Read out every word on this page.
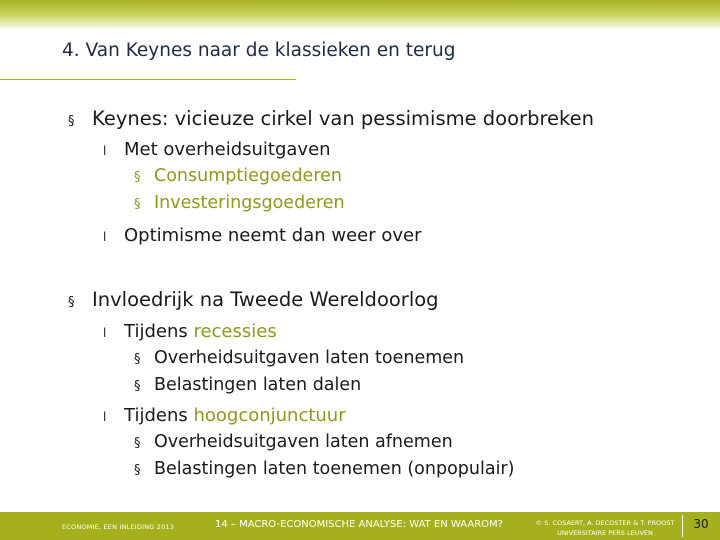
4. Van Keynes naar de klassieken en terug
§ Keynes: vicieuze cirkel van pessimisme doorbreken
l Met overheidsuitgaven
§ Consumptiegoederen
§ Investeringsgoederen
l Optimisme neemt dan weer over
§ Invloedrijk na Tweede Wereldoorlog
l Tijdens recessies
§ Overheidsuitgaven laten toenemen
§ Belastingen laten dalen
l Tijdens hoogconjunctuur
§ Overheidsuitgaven laten afnemen
§ Belastingen laten toenemen (onpopulair)
ECONOMIE, EEN INLEIDING 2013	14 – MACRO-ECONOMISCHE ANALYSE: WAT EN WAAROM?	© S. COSAERT, A. DECOSTER & T. PROOST
UNIVERSITAIRE PERS LEUVEN
30
